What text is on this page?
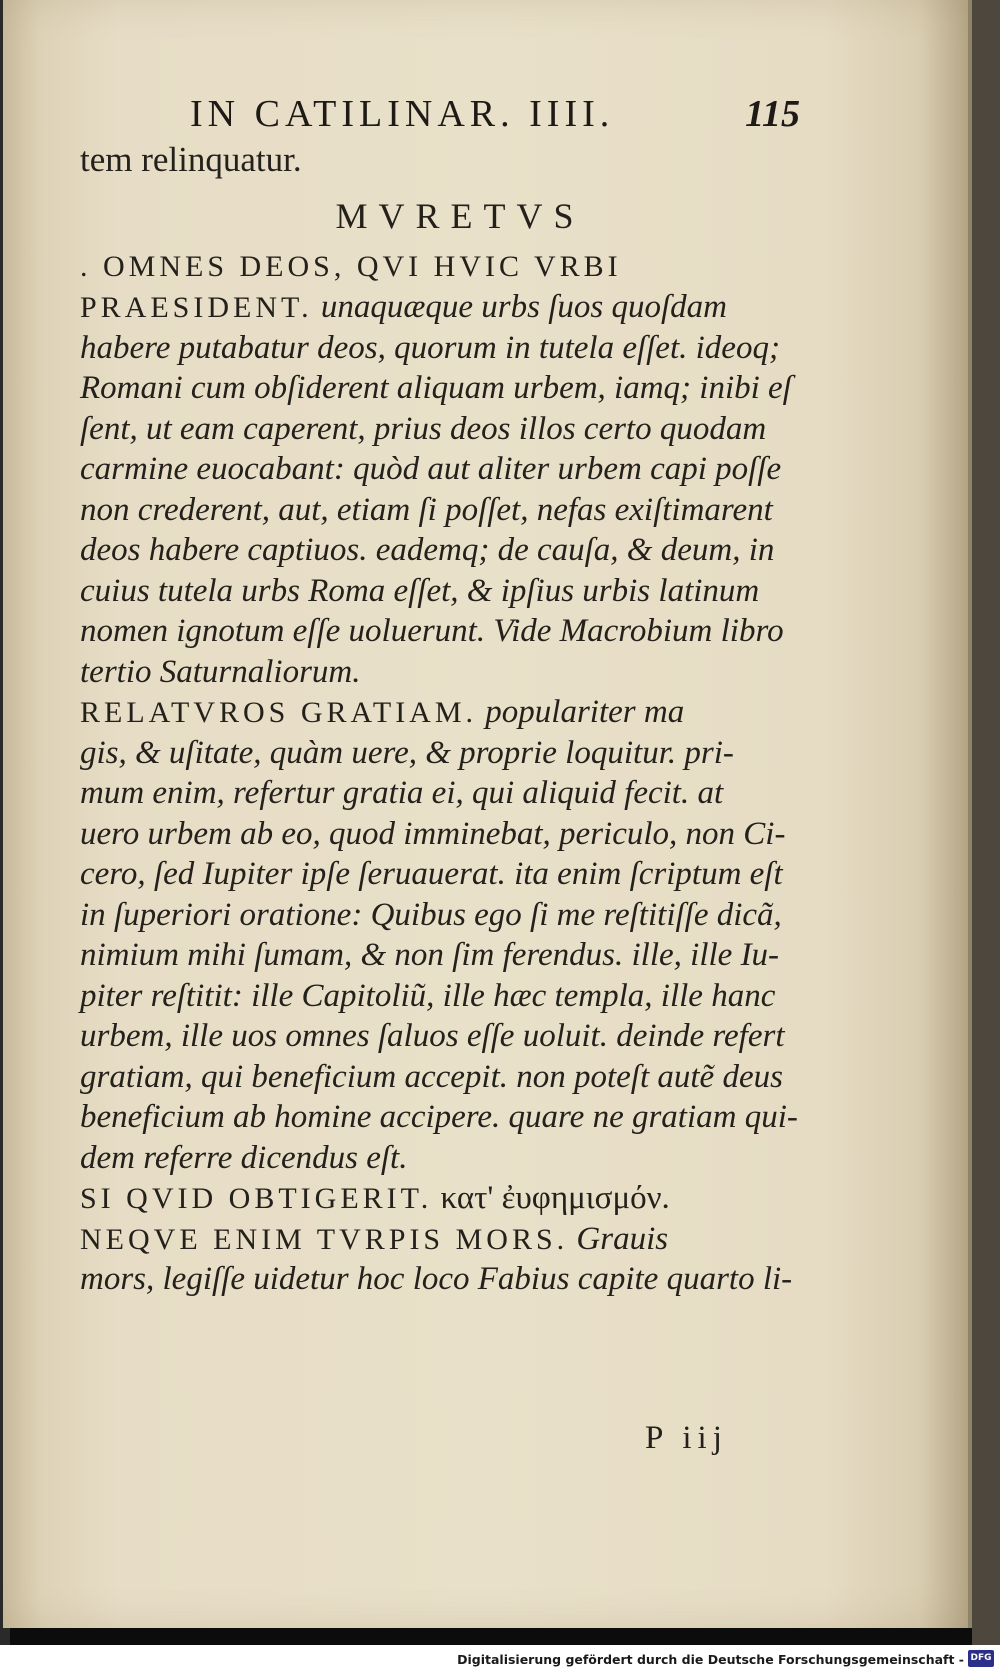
IN CATILINAR. IIII.	115
tem relinquatur.
MVRETVS
. OMNES DEOS, QVI HVIC VRBI
PRAESIDENT. unaquæque urbs ſuos quoſdam
habere putabatur deos, quorum in tutela eſſet. ideoq;
Romani cum obſiderent aliquam urbem, iamq; inibi eſ
ſent, ut eam caperent, prius deos illos certo quodam
carmine euocabant: quòd aut aliter urbem capi poſſe
non crederent, aut, etiam ſi poſſet, nefas exiſtimarent
deos habere captiuos. eademq; de cauſa, & deum, in
cuius tutela urbs Roma eſſet, & ipſius urbis latinum
nomen ignotum eſſe uoluerunt. Vide Macrobium libro
tertio Saturnaliorum.
RELATVROS GRATIAM. populariter ma
gis, & uſitate, quàm uere, & proprie loquitur. pri-
mum enim, refertur gratia ei, qui aliquid fecit. at
uero urbem ab eo, quod imminebat, periculo, non Ci-
cero, ſed Iupiter ipſe ſeruauerat. ita enim ſcriptum eſt
in ſuperiori oratione: Quibus ego ſi me reſtitiſſe dicã,
nimium mihi ſumam, & non ſim ferendus. ille, ille Iu-
piter reſtitit: ille Capitoliũ, ille hæc templa, ille hanc
urbem, ille uos omnes ſaluos eſſe uoluit. deinde refert
gratiam, qui beneficium accepit. non poteſt autẽ deus
beneficium ab homine accipere. quare ne gratiam qui-
dem referre dicendus eſt.
SI QVID OBTIGERIT. κατ' ἐυφημισμόν.
NEQVE ENIM TVRPIS MORS. Grauis
mors, legiſſe uidetur hoc loco Fabius capite quarto li-
P iij
Digitalisierung gefördert durch die Deutsche Forschungsgemeinschaft - DFG
